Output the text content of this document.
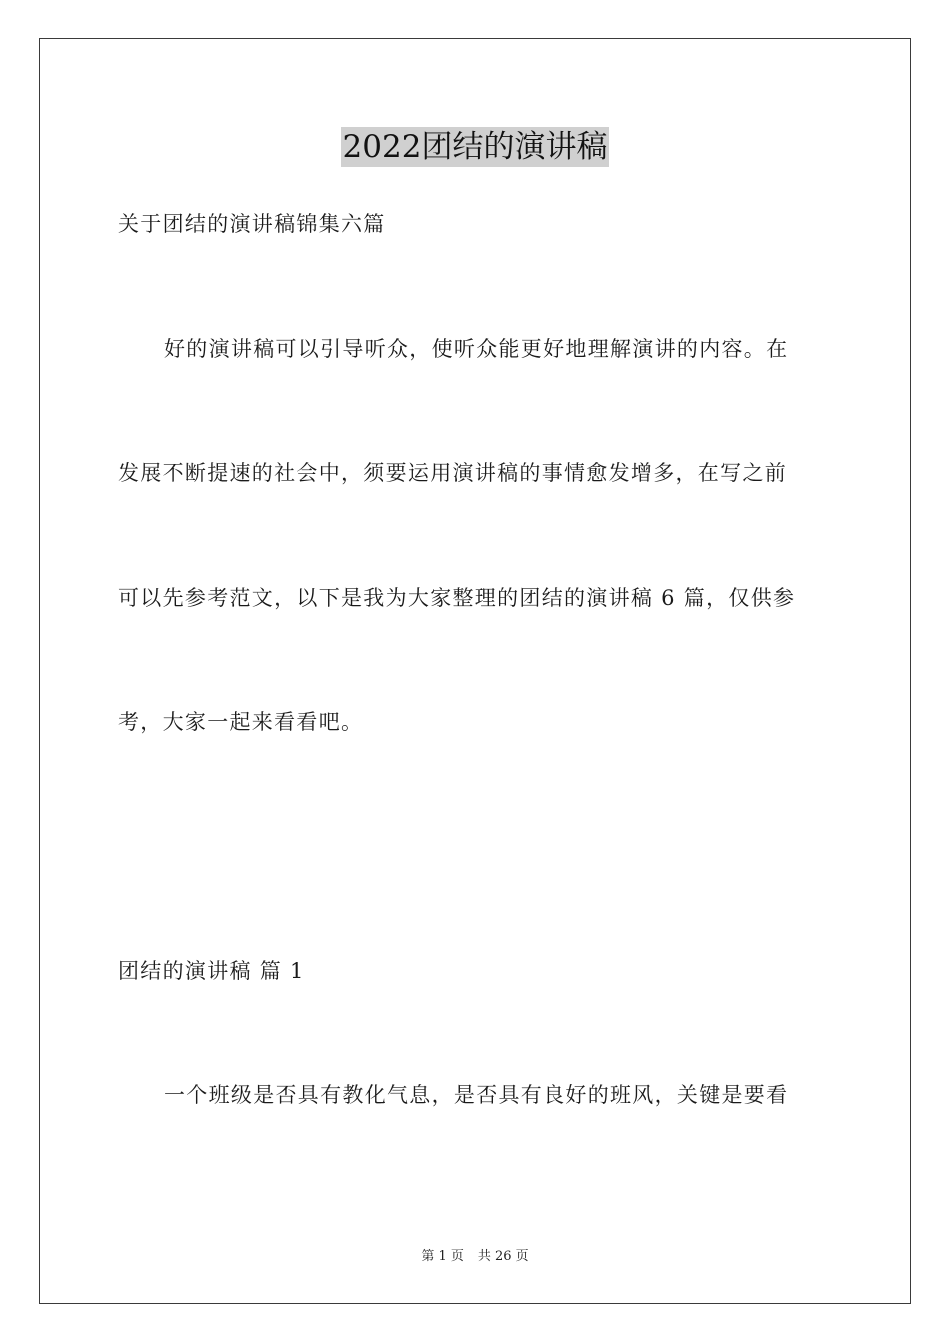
2022团结的演讲稿
关于团结的演讲稿锦集六篇
好的演讲稿可以引导听众，使听众能更好地理解演讲的内容。在
发展不断提速的社会中，须要运用演讲稿的事情愈发增多，在写之前
可以先参考范文，以下是我为大家整理的团结的演讲稿 6 篇，仅供参
考，大家一起来看看吧。
团结的演讲稿 篇 1
一个班级是否具有教化气息，是否具有良好的班风，关键是要看
第 1 页 共 26 页
